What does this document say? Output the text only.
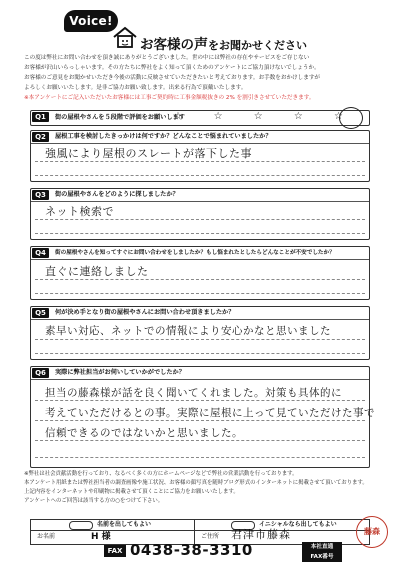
Voice!
お客様の声をお聞かせください
この度は弊社にお問い合わせを頂き誠にありがとうございました。世の中には弊社の存在やサービスをご存じない
お客様が沢山いらっしゃいます。その方たちに弊社をよく知って頂くためのアンケートにご協力頂けないでしょうか。
お客様のご意見をお聞かせいただき今後の活動に反映させていただきたいと考えております。お手数をおかけしますが
よろしくお願いいたします。是非ご協力お願い致します。出来る行為で頂戴いたします。
※本アンケートにご記入いただいたお客様には工事ご契約時に工事金額税抜きの 2% を割引きさせていただきます。
Q1	街の屋根やさんを５段階で評価をお願いします
☆ ☆ ☆ ☆ ☆
Q2	屋根工事を検討したきっかけは何ですか？どんなことで悩まれていましたか？
強風により屋根のスレートが落下した事
Q3	街の屋根やさんをどのように探しましたか？
ネット検索で
Q4	街の屋根やさんを知ってすぐにお問い合わせをしましたか？もし悩まれたとしたらどんなことが不安でしたか？
直ぐに連絡しました
Q5	何が決め手となり街の屋根やさんにお問い合わせ頂きましたか？
素早い対応、ネットでの情報により安心かなと思いました
Q6	実際に弊社担当がお伺いしていかがでしたか？
担当の藤森様が話を良く聞いてくれました。対策も具体的に
考えていただけるとの事。実際に屋根に上って見ていただけた事で
信頼できるのではないかと思いました。
※弊社は社会貢献活動を行っており、なるべく多くの方にホームページなどで弊社の営業活動を行っております。
本アンケート用紙または弊社担当者の調査画像や施工状況、お客様の顔写真を随時ブログ形式のインターネットに掲載させて頂いております。
上記内容をインターネットや印刷物に掲載させて頂くことにご協力をお願いいたします。
アンケートへのご回答は該当する方の○をつけて下さい。
名前を出してもよい	イニシャルなら出してもよい
お名前	H 様	ご住所 君津市藤森
FAX 0438-38-3310	本社直通
FAX番号
藤森
